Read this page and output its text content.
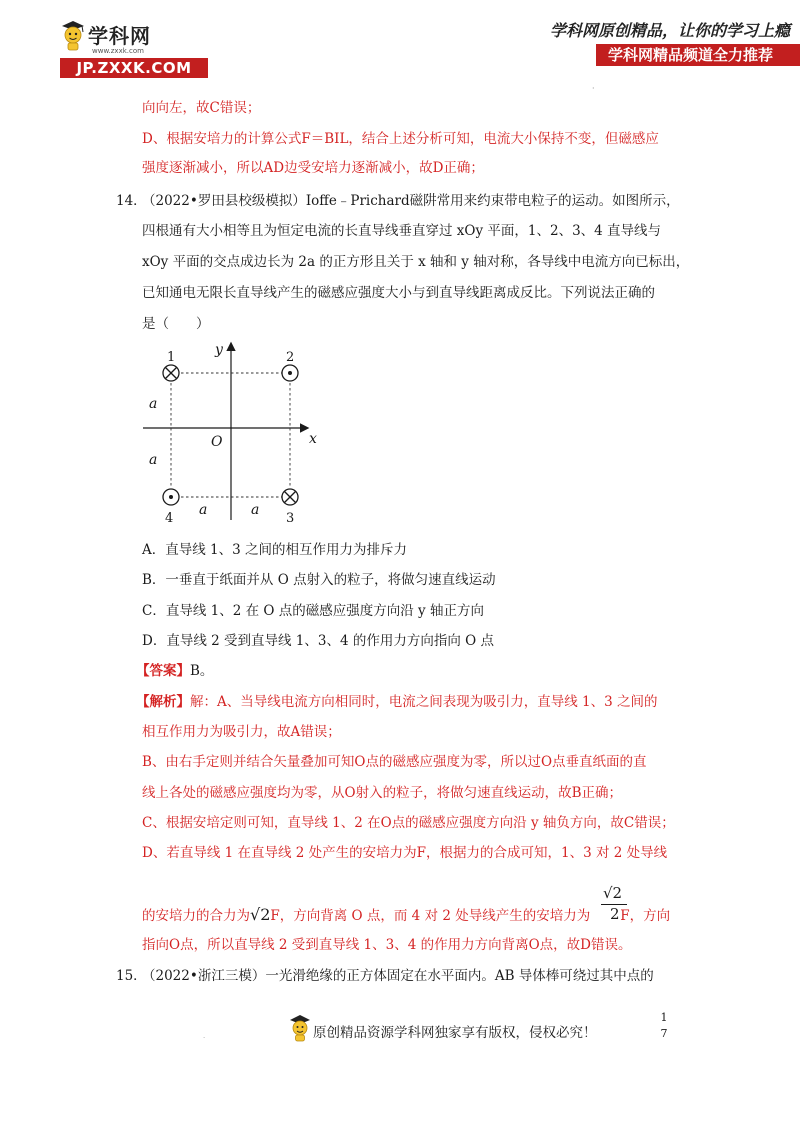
学科网
www.zxxk.com
JP.ZXXK.COM
学科网原创精品，让你的学习上瘾
学科网精品频道全力推荐
·
向向左，故C错误；
D、根据安培力的计算公式F＝BIL，结合上述分析可知，电流大小保持不变，但磁感应
强度逐渐减小，所以AD边受安培力逐渐减小，故D正确；
14．
（2022•罗田县校级模拟）Ioffe﹣Prichard磁阱常用来约束带电粒子的运动。如图所示，
四根通有大小相等且为恒定电流的长直导线垂直穿过 xOy 平面，1、2、3、4 直导线与
xOy 平面的交点成边长为 2a 的正方形且关于 x 轴和 y 轴对称，各导线中电流方向已标出，
已知通电无限长直导线产生的磁感应强度大小与到直导线距离成反比。下列说法正确的
是（　　）
y
x
O
1	2
3
4
a
a
a	a
A．直导线 1、3 之间的相互作用力为排斥力
B．一垂直于纸面并从 O 点射入的粒子，将做匀速直线运动
C．直导线 1、2 在 O 点的磁感应强度方向沿 y 轴正方向
D．直导线 2 受到直导线 1、3、4 的作用力方向指向 O 点
【答案】B。
【解析】解：A、当导线电流方向相同时，电流之间表现为吸引力，直导线 1、3 之间的
相互作用力为吸引力，故A错误；
B、由右手定则并结合矢量叠加可知O点的磁感应强度为零，所以过O点垂直纸面的直
线上各处的磁感应强度均为零，从O射入的粒子，将做匀速直线运动，故B正确；
C、根据安培定则可知，直导线 1、2 在O点的磁感应强度方向沿 y 轴负方向，故C错误；
D、若直导线 1 在直导线 2 处产生的安培力为F，根据力的合成可知，1、3 对 2 处导线
的安培力的合力为√2F，方向背离 O 点，而 4 对 2 处导线产生的安培力为 F，方向
√2
2
指向O点，所以直导线 2 受到直导线 1、3、4 的作用力方向背离O点，故D错误。
15．
（2022•浙江三模）一光滑绝缘的正方体固定在水平面内。AB 导体棒可绕过其中点的
·	原创精品资源学科网独家享有版权，侵权必究！
1
7
